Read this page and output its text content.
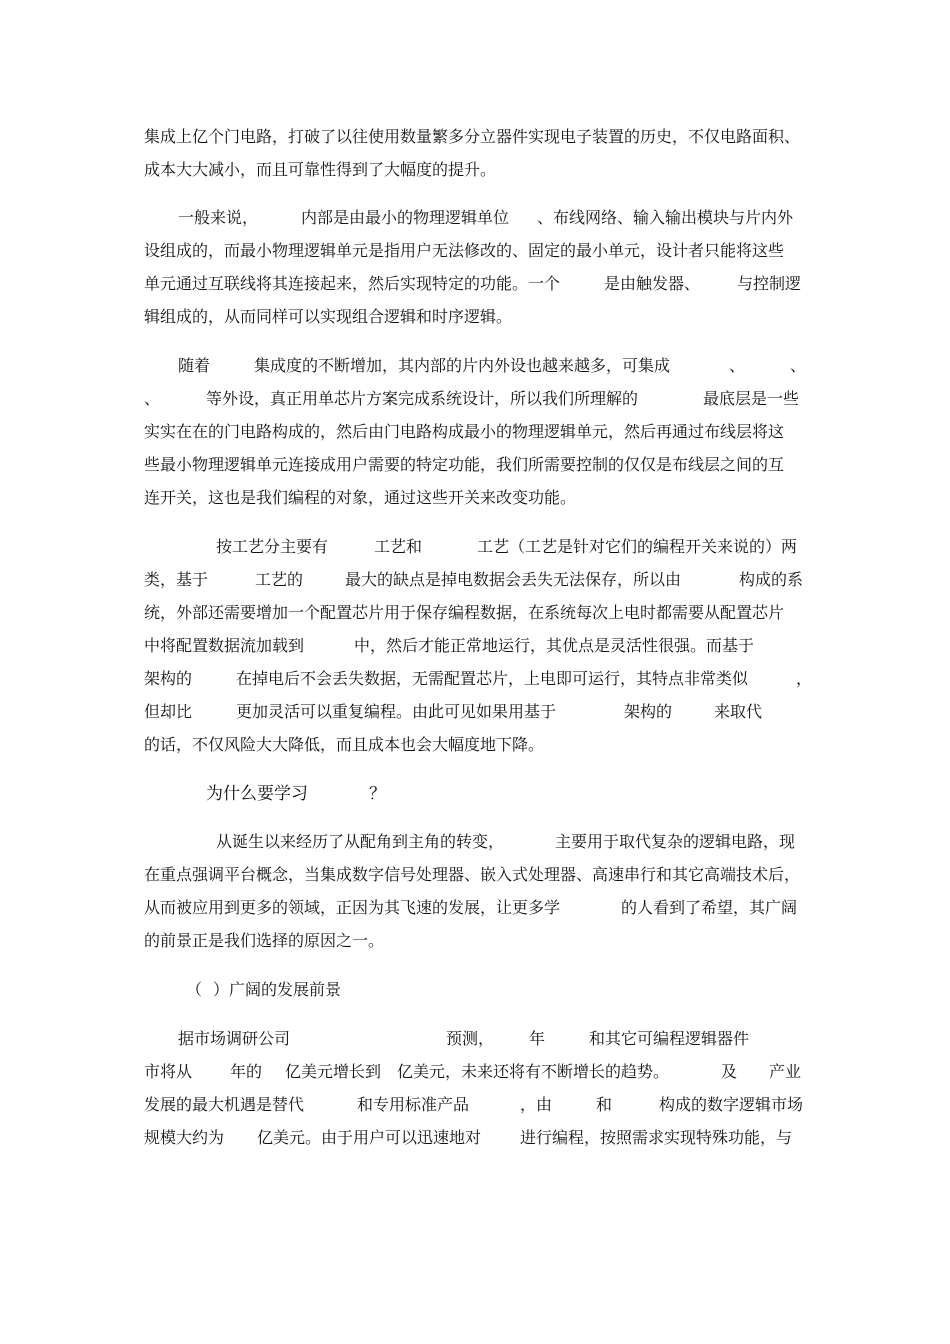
集成上亿个门电路，打破了以往使用数量繁多分立器件实现电子装置的历史，不仅电路面积、

成本大大减小，而且可靠性得到了大幅度的提升。

一般来说，

	内部是由最小的物理逻辑单位

、布线网络、输入输出模块与片内外

设组成的，而最小物理逻辑单元是指用户无法修改的、固定的最小单元，设计者只能将这些

单元通过互联线将其连接起来，然后实现特定的功能。一个

	是由触发器、

与控制逻

辑组成的，从而同样可以实现组合逻辑和时序逻辑。

随着

	集成度的不断增加，其内部的片内外设也越来越多，可集成

	、

	、

、

	等外设，真正用单芯片方案完成系统设计，所以我们所理解的

	最底层是一些

实实在在的门电路构成的，然后由门电路构成最小的物理逻辑单元，然后再通过布线层将这

些最小物理逻辑单元连接成用户需要的特定功能，我们所需要控制的仅仅是布线层之间的互

连开关，这也是我们编程的对象，通过这些开关来改变功能。

按工艺分主要有

	工艺和

	工艺（工艺是针对它们的编程开关来说的）两

类，基于

	工艺的

	最大的缺点是掉电数据会丢失无法保存，所以由

	构成的系

统，外部还需要增加一个配置芯片用于保存编程数据，在系统每次上电时都需要从配置芯片

中将配置数据流加载到

	中，然后才能正常地运行，其优点是灵活性很强。而基于

架构的

	在掉电后不会丢失数据，无需配置芯片，上电即可运行，其特点非常类似

	，

但却比

	更加灵活可以重复编程。由此可见如果用基于

	架构的

	来取代

的话，不仅风险大大降低，而且成本也会大幅度地下降。

为什么要学习

	？

从诞生以来经历了从配角到主角的转变，

	主要用于取代复杂的逻辑电路，现

在重点强调平台概念，当集成数字信号处理器、嵌入式处理器、高速串行和其它高端技术后，

从而被应用到更多的领域，正因为其飞速的发展，让更多学

	的人看到了希望，其广阔

的前景正是我们选择的原因之一。

（

）广阔的发展前景

据市场调研公司

	预测，

年

	和其它可编程逻辑器件

市将从

年的

亿美元增长到

亿美元，未来还将有不断增长的趋势。

	及

产业

发展的最大机遇是替代

	和专用标准产品

	，由

	和

	构成的数字逻辑市场

规模大约为

亿美元。由于用户可以迅速地对

进行编程，按照需求实现特殊功能，与
